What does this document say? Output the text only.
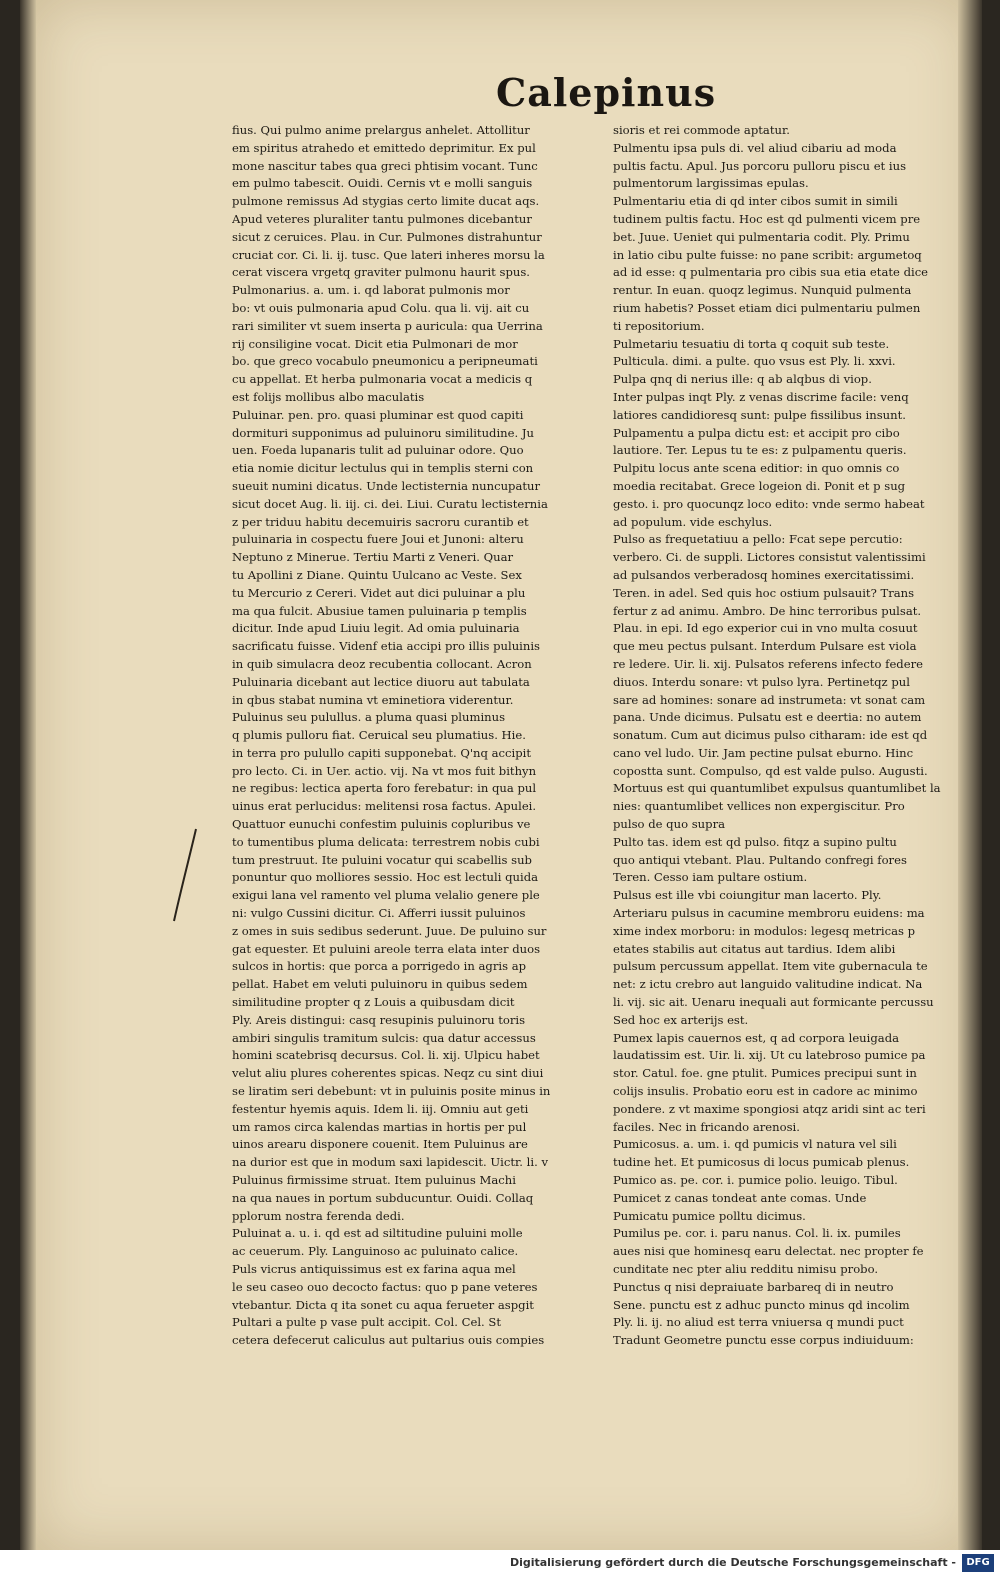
Calepinus
fius. Qui pulmo anime prelargus anhelet. Attollitur
em spiritus atrahedo et emittedo deprimitur. Ex pul
mone nascitur tabes qua greci phtisim vocant. Tunc
em pulmo tabescit. Ouidi. Cernis vt e molli sanguis
pulmone remissus Ad stygias certo limite ducat aqs.
Apud veteres pluraliter tantu pulmones dicebantur
sicut z ceruices. Plau. in Cur. Pulmones distrahuntur
cruciat cor. Ci. li. ij. tusc. Que lateri inheres morsu la
cerat viscera vrgetq graviter pulmonu haurit spus.
Pulmonarius. a. um. i. qd laborat pulmonis mor
bo: vt ouis pulmonaria apud Colu. qua li. vij. ait cu
rari similiter vt suem inserta p auricula: qua Uerrina
rij consiligine vocat. Dicit etia Pulmonari de mor
bo. que greco vocabulo pneumonicu a peripneumati
cu appellat. Et herba pulmonaria vocat a medicis q
est folijs mollibus albo maculatis
Puluinar. pen. pro. quasi pluminar est quod capiti
dormituri supponimus ad puluinoru similitudine. Ju
uen. Foeda lupanaris tulit ad puluinar odore. Quo
etia nomie dicitur lectulus qui in templis sterni con
sueuit numini dicatus. Unde lectisternia nuncupatur
sicut docet Aug. li. iij. ci. dei. Liui. Curatu lectisternia
z per triduu habitu decemuiris sacroru curantib et
puluinaria in cospectu fuere Joui et Junoni: alteru
Neptuno z Minerue. Tertiu Marti z Veneri. Quar
tu Apollini z Diane. Quintu Uulcano ac Veste. Sex
tu Mercurio z Cereri. Videt aut dici puluinar a plu
ma qua fulcit. Abusiue tamen puluinaria p templis
dicitur. Inde apud Liuiu legit. Ad omia puluinaria
sacrificatu fuisse. Videnf etia accipi pro illis puluinis
in quib simulacra deoz recubentia collocant. Acron
Puluinaria dicebant aut lectice diuoru aut tabulata
in qbus stabat numina vt eminetiora viderentur.
Puluinus seu pulullus. a pluma quasi pluminus
q plumis pulloru fiat. Ceruical seu plumatius. Hie.
in terra pro pulullo capiti supponebat. Q'nq accipit
pro lecto. Ci. in Uer. actio. vij. Na vt mos fuit bithyn
ne regibus: lectica aperta foro ferebatur: in qua pul
uinus erat perlucidus: melitensi rosa factus. Apulei.
Quattuor eunuchi confestim puluinis copluribus ve
to tumentibus pluma delicata: terrestrem nobis cubi
tum prestruut. Ite puluini vocatur qui scabellis sub
ponuntur quo molliores sessio. Hoc est lectuli quida
exigui lana vel ramento vel pluma velalio genere ple
ni: vulgo Cussini dicitur. Ci. Afferri iussit puluinos
z omes in suis sedibus sederunt. Juue. De puluino sur
gat equester. Et puluini areole terra elata inter duos
sulcos in hortis: que porca a porrigedo in agris ap
pellat. Habet em veluti puluinoru in quibus sedem
similitudine propter q z Louis a quibusdam dicit
Ply. Areis distingui: casq resupinis puluinoru toris
ambiri singulis tramitum sulcis: qua datur accessus
homini scatebrisq decursus. Col. li. xij. Ulpicu habet
velut aliu plures coherentes spicas. Neqz cu sint diui
se liratim seri debebunt: vt in puluinis posite minus in
festentur hyemis aquis. Idem li. iij. Omniu aut geti
um ramos circa kalendas martias in hortis per pul
uinos arearu disponere couenit. Item Puluinus are
na durior est que in modum saxi lapidescit. Uictr. li. v
Puluinus firmissime struat. Item puluinus Machi
na qua naues in portum subducuntur. Ouidi. Collaq
pplorum nostra ferenda dedi.
Puluinat a. u. i. qd est ad siltitudine puluini molle
ac ceuerum. Ply. Languinoso ac puluinato calice.
Puls vicrus antiquissimus est ex farina aqua mel
le seu caseo ouo decocto factus: quo p pane veteres
vtebantur. Dicta q ita sonet cu aqua ferueter aspgit
Pultari a pulte p vase pult accipit. Col. Cel. St
cetera defecerut caliculus aut pultarius ouis compies
sioris et rei commode aptatur.
Pulmentu ipsa puls di. vel aliud cibariu ad moda
pultis factu. Apul. Jus porcoru pulloru piscu et ius
pulmentorum largissimas epulas.
Pulmentariu etia di qd inter cibos sumit in simili
tudinem pultis factu. Hoc est qd pulmenti vicem pre
bet. Juue. Ueniet qui pulmentaria codit. Ply. Primu
in latio cibu pulte fuisse: no pane scribit: argumetoq
ad id esse: q pulmentaria pro cibis sua etia etate dice
rentur. In euan. quoqz legimus. Nunquid pulmenta
rium habetis? Posset etiam dici pulmentariu pulmen
ti repositorium.
Pulmetariu tesuatiu di torta q coquit sub teste.
Pulticula. dimi. a pulte. quo vsus est Ply. li. xxvi.
Pulpa qnq di nerius ille: q ab alqbus di viop.
Inter pulpas inqt Ply. z venas discrime facile: venq
latiores candidioresq sunt: pulpe fissilibus insunt.
Pulpamentu a pulpa dictu est: et accipit pro cibo
lautiore. Ter. Lepus tu te es: z pulpamentu queris.
Pulpitu locus ante scena editior: in quo omnis co
moedia recitabat. Grece logeion di. Ponit et p sug
gesto. i. pro quocunqz loco edito: vnde sermo habeat
ad populum. vide eschylus.
Pulso as frequetatiuu a pello: Fcat sepe percutio:
verbero. Ci. de suppli. Lictores consistut valentissimi
ad pulsandos verberadosq homines exercitatissimi.
Teren. in adel. Sed quis hoc ostium pulsauit? Trans
fertur z ad animu. Ambro. De hinc terroribus pulsat.
Plau. in epi. Id ego experior cui in vno multa cosuut
que meu pectus pulsant. Interdum Pulsare est viola
re ledere. Uir. li. xij. Pulsatos referens infecto federe
diuos. Interdu sonare: vt pulso lyra. Pertinetqz pul
sare ad homines: sonare ad instrumeta: vt sonat cam
pana. Unde dicimus. Pulsatu est e deertia: no autem
sonatum. Cum aut dicimus pulso citharam: ide est qd
cano vel ludo. Uir. Jam pectine pulsat eburno. Hinc
copostta sunt. Compulso, qd est valde pulso. Augusti.
Mortuus est qui quantumlibet expulsus quantumlibet la
nies: quantumlibet vellices non expergiscitur. Pro
pulso de quo supra
Pulto tas. idem est qd pulso. fitqz a supino pultu
quo antiqui vtebant. Plau. Pultando confregi fores
Teren. Cesso iam pultare ostium.
Pulsus est ille vbi coiungitur man lacerto. Ply.
Arteriaru pulsus in cacumine membroru euidens: ma
xime index morboru: in modulos: legesq metricas p
etates stabilis aut citatus aut tardius. Idem alibi
pulsum percussum appellat. Item vite gubernacula te
net: z ictu crebro aut languido valitudine indicat. Na
li. vij. sic ait. Uenaru inequali aut formicante percussu
Sed hoc ex arterijs est.
Pumex lapis cauernos est, q ad corpora leuigada
laudatissim est. Uir. li. xij. Ut cu latebroso pumice pa
stor. Catul. foe. gne ptulit. Pumices precipui sunt in
colijs insulis. Probatio eoru est in cadore ac minimo
pondere. z vt maxime spongiosi atqz aridi sint ac teri
faciles. Nec in fricando arenosi.
Pumicosus. a. um. i. qd pumicis vl natura vel sili
tudine het. Et pumicosus di locus pumicab plenus.
Pumico as. pe. cor. i. pumice polio. leuigo. Tibul.
Pumicet z canas tondeat ante comas. Unde
Pumicatu pumice polltu dicimus.
Pumilus pe. cor. i. paru nanus. Col. li. ix. pumiles
aues nisi que hominesq earu delectat. nec propter fe
cunditate nec pter aliu redditu nimisu probo.
Punctus q nisi depraiuate barbareq di in neutro
Sene. punctu est z adhuc puncto minus qd incolim
Ply. li. ij. no aliud est terra vniuersa q mundi puct
Tradunt Geometre punctu esse corpus indiuiduum:
Digitalisierung gefördert durch die Deutsche Forschungsgemeinschaft -	DFG
